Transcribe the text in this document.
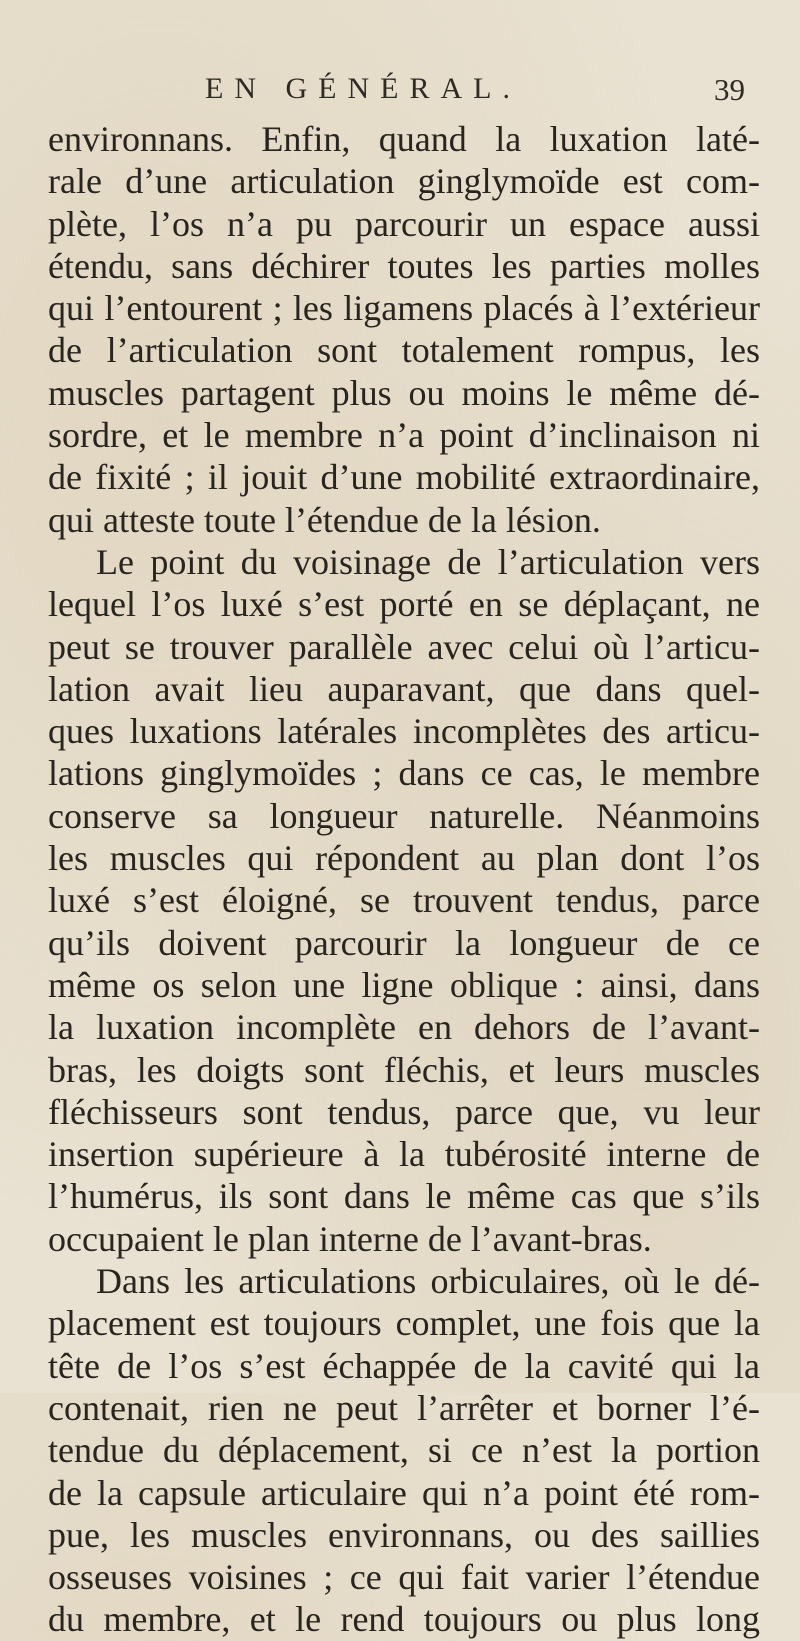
EN GÉNÉRAL.	39
environnans. Enfin, quand la luxation laté-
rale d’une articulation ginglymoïde est com-
plète, l’os n’a pu parcourir un espace aussi
étendu, sans déchirer toutes les parties molles
qui l’entourent ; les ligamens placés à l’extérieur
de l’articulation sont totalement rompus, les
muscles partagent plus ou moins le même dé-
sordre, et le membre n’a point d’inclinaison ni
de fixité ; il jouit d’une mobilité extraordinaire,
qui atteste toute l’étendue de la lésion.
Le point du voisinage de l’articulation vers
lequel l’os luxé s’est porté en se déplaçant, ne
peut se trouver parallèle avec celui où l’articu-
lation avait lieu auparavant, que dans quel-
ques luxations latérales incomplètes des articu-
lations ginglymoïdes ; dans ce cas, le membre
conserve sa longueur naturelle. Néanmoins
les muscles qui répondent au plan dont l’os
luxé s’est éloigné, se trouvent tendus, parce
qu’ils doivent parcourir la longueur de ce
même os selon une ligne oblique : ainsi, dans
la luxation incomplète en dehors de l’avant-
bras, les doigts sont fléchis, et leurs muscles
fléchisseurs sont tendus, parce que, vu leur
insertion supérieure à la tubérosité interne de
l’humérus, ils sont dans le même cas que s’ils
occupaient le plan interne de l’avant-bras.
Dans les articulations orbiculaires, où le dé-
placement est toujours complet, une fois que la
tête de l’os s’est échappée de la cavité qui la
contenait, rien ne peut l’arrêter et borner l’é-
tendue du déplacement, si ce n’est la portion
de la capsule articulaire qui n’a point été rom-
pue, les muscles environnans, ou des saillies
osseuses voisines ; ce qui fait varier l’étendue
du membre, et le rend toujours ou plus long
